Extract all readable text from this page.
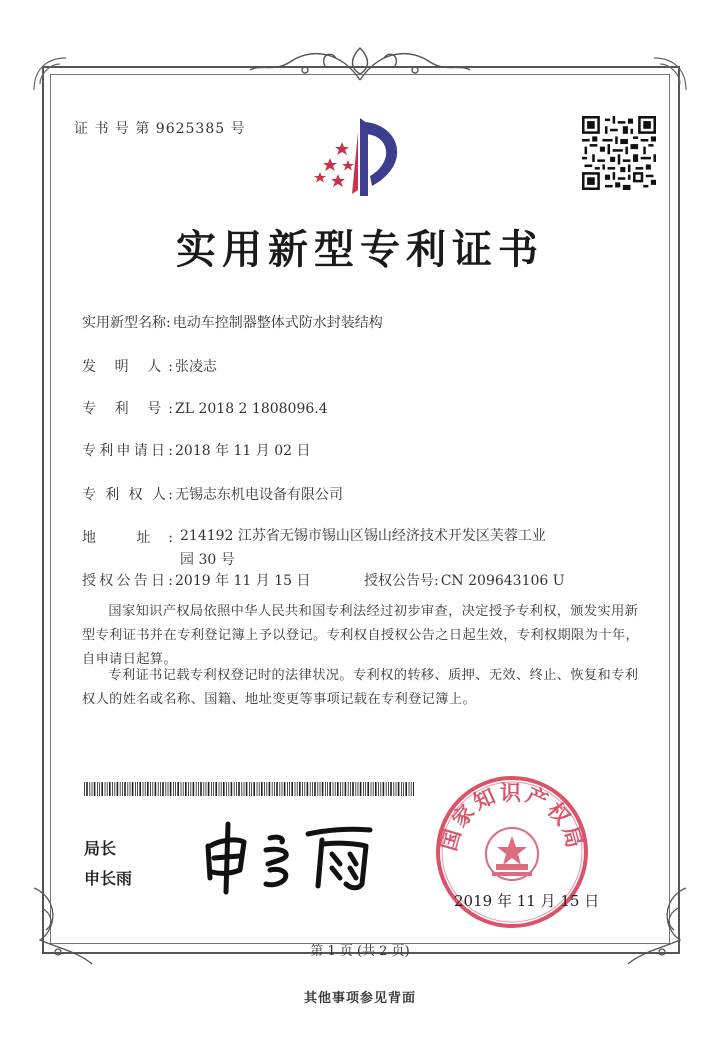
证 书 号 第 9625385 号
实用新型专利证书
实用新型名称: 电动车控制器整体式防水封装结构
发 明 人: 张凌志
专 利 号: ZL 2018 2 1808096.4
专利申请日: 2018 年 11 月 02 日
专 利 权 人: 无锡志东机电设备有限公司
地 址: 214192 江苏省无锡市锡山区锡山经济技术开发区芙蓉工业园 30 号
授权公告日: 2019 年 11 月 15 日	授权公告号: CN 209643106 U
国家知识产权局依照中华人民共和国专利法经过初步审查，决定授予专利权，颁发实用新型专利证书并在专利登记簿上予以登记。专利权自授权公告之日起生效，专利权期限为十年，自申请日起算。
专利证书记载专利权登记时的法律状况。专利权的转移、质押、无效、终止、恢复和专利权人的姓名或名称、国籍、地址变更等事项记载在专利登记簿上。
局长
申长雨
国家知识产权局
2019 年 11 月 15 日
第 1 页 (共 2 页)
其他事项参见背面
